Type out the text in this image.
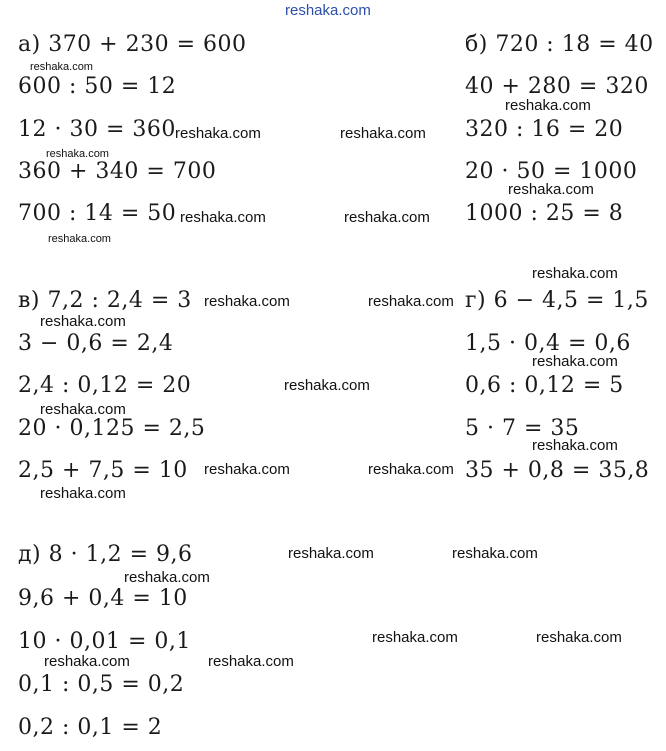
reshaka.com
а) 370 + 230 = 600
600 : 50 = 12
12 · 30 = 360
360 + 340 = 700
700 : 14 = 50
б) 720 : 18 = 40
40 + 280 = 320
320 : 16 = 20
20 · 50 = 1000
1000 : 25 = 8
в) 7,2 : 2,4 = 3
3 − 0,6 = 2,4
2,4 : 0,12 = 20
20 · 0,125 = 2,5
2,5 + 7,5 = 10
г) 6 − 4,5 = 1,5
1,5 · 0,4 = 0,6
0,6 : 0,12 = 5
5 · 7 = 35
35 + 0,8 = 35,8
д) 8 · 1,2 = 9,6
9,6 + 0,4 = 10
10 · 0,01 = 0,1
0,1 : 0,5 = 0,2
0,2 : 0,1 = 2
reshaka.com
reshaka.com
reshaka.com	reshaka.com
reshaka.com
reshaka.com
reshaka.com	reshaka.com
reshaka.com
reshaka.com
reshaka.com	reshaka.com
reshaka.com
reshaka.com
reshaka.com
reshaka.com
reshaka.com
reshaka.com	reshaka.com
reshaka.com
reshaka.com	reshaka.com
reshaka.com
reshaka.com	reshaka.com
reshaka.com	reshaka.com
